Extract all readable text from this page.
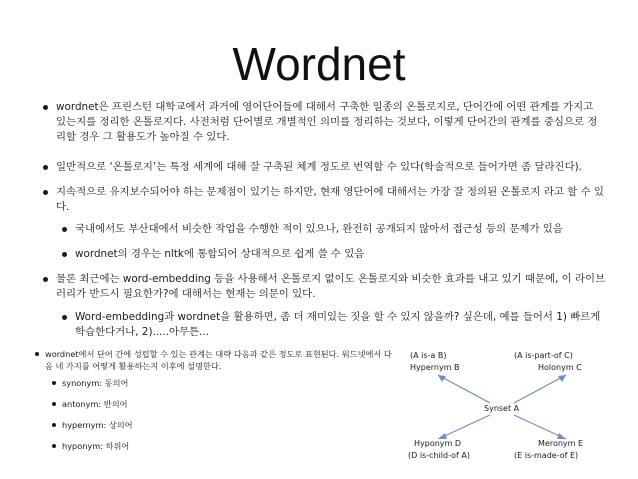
Wordnet
wordnet은 프린스턴 대학교에서 과거에 영어단어들에 대해서 구축한 일종의 온톨로지로, 단어간에 어떤 관계를 가지고 있는지를 정리한 온톨로지다. 사전처럼 단어별로 개별적인 의미를 정리하는 것보다, 이렇게 단어간의 관계를 중심으로 정리할 경우 그 활용도가 높아질 수 있다.
일반적으로 ‘온톨로지’는 특정 세계에 대해 잘 구축된 체계 정도로 번역할 수 있다(학술적으로 들어가면 좀 달라진다).
지속적으로 유지보수되어야 하는 문제점이 있기는 하지만, 현재 영단어에 대해서는 가장 잘 정의된 온톨로지 라고 할 수 있다.
국내에서도 부산대에서 비슷한 작업을 수행한 적이 있으나, 완전히 공개되지 않아서 접근성 등의 문제가 있음
wordnet의 경우는 nltk에 통합되어 상대적으로 쉽게 쓸 수 있음
물론 최근에는 word-embedding 등을 사용해서 온톨로지 없이도 온톨로지와 비슷한 효과를 내고 있기 때문에, 이 라이브러리가 반드시 필요한가?에 대해서는 현재는 의문이 있다.
Word-embedding과 wordnet을 활용하면, 좀 더 재미있는 짓을 할 수 있지 않을까? 싶은데, 예를 들어서 1) 빠르게 학습한다거나, 2).....아무튼...
wordnet에서 단어 간에 성립할 수 있는 관계는 대략 다음과 같은 정도로 표현된다. 워드넷에서 다음 네 가지를 어떻게 활용하는지 이후에 설명한다.
synonym: 동의어
antonym: 반의어
hypernym: 상의어
hyponym: 하위어
(A is-a B)	(A is-part-of C)
Hypernym B	Holonym C
Synset A
Hyponym D	Meronym E
(D is-child-of A)	(E is-made-of E)
